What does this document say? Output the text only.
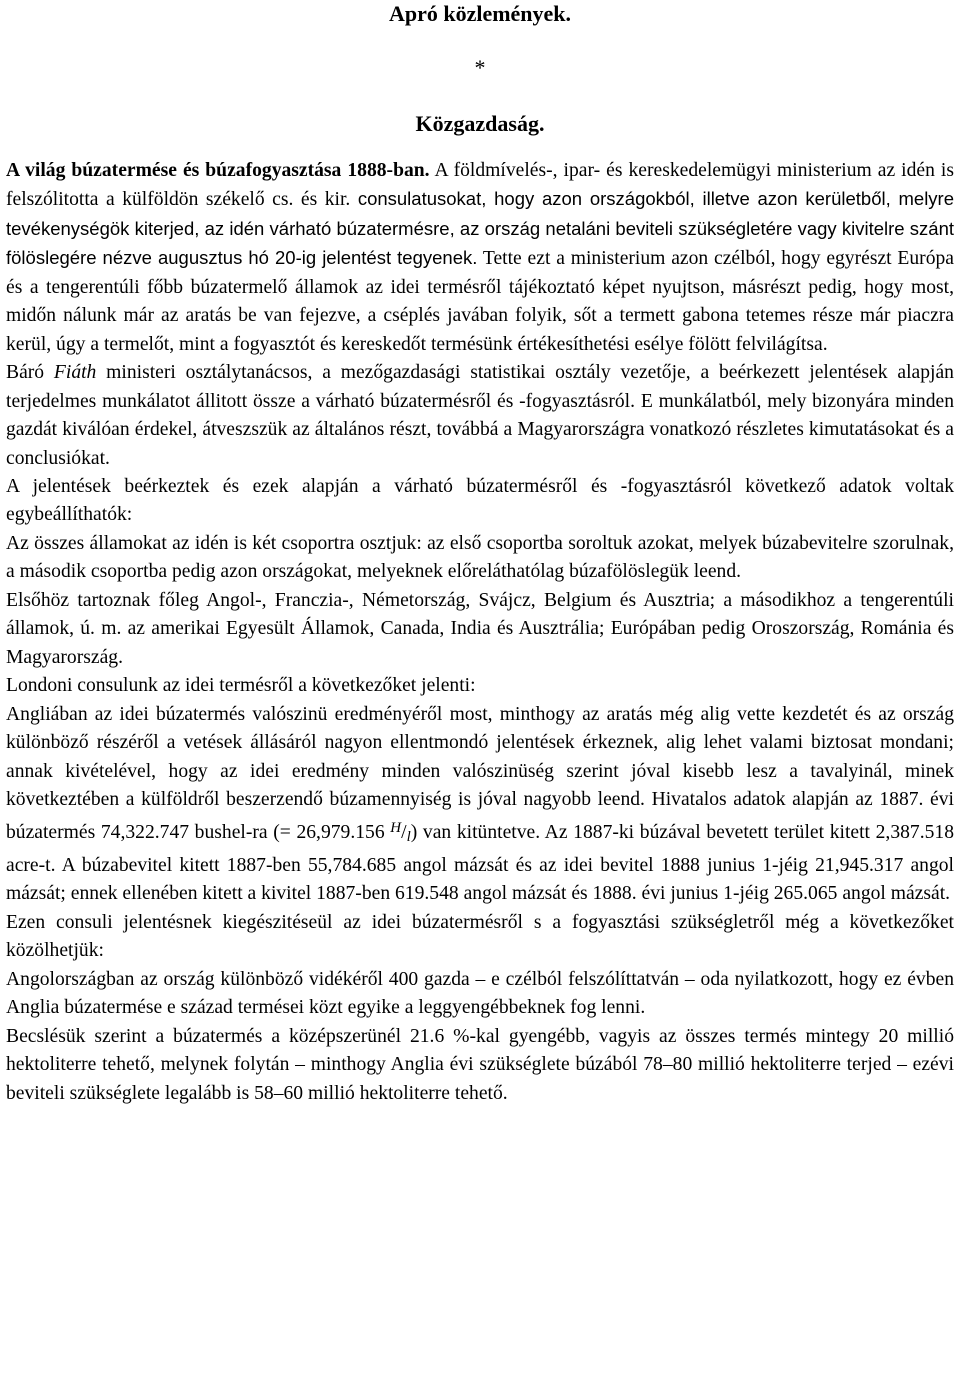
Apró közlemények.
*
Közgazdaság.

A világ búzatermése és búzafogyasztása 1888-ban. A földmívelés-, ipar- és kereskedelemügyi ministerium az idén is felszólitotta a külföldön székelő cs. és kir. consulatusokat, hogy azon országokból, illetve azon kerületből, melyre tevékenységök kiterjed, az idén várható búzatermésre, az ország netaláni beviteli szükségletére vagy kivitelre szánt fölöslegére nézve augusztus hó 20-ig jelentést tegyenek. Tette ezt a ministerium azon czélból, hogy egyrészt Európa és a tengerentúli főbb búzatermelő államok az idei termésről tájékoztató képet nyujtson, másrészt pedig, hogy most, midőn nálunk már az aratás be van fejezve, a cséplés javában folyik, sőt a termett gabona tetemes része már piaczra kerül, úgy a termelőt, mint a fogyasztót és kereskedőt termésünk értékesíthetési esélye fölött felvilágítsa.

Báró Fiáth ministeri osztálytanácsos, a mezőgazdasági statistikai osztály vezetője, a beérkezett jelentések alapján terjedelmes munkálatot állitott össze a várható búzatermésről és -fogyasztásról. E munkálatból, mely bizonyára minden gazdát kiválóan érdekel, átveszszük az általános részt, továbbá a Magyarországra vonatkozó részletes kimutatásokat és a conclusiókat.

A jelentések beérkeztek és ezek alapján a várható búzatermésről és -fogyasztásról következő adatok voltak egybeállíthatók:

Az összes államokat az idén is két csoportra osztjuk: az első csoportba soroltuk azokat, melyek búzabevitelre szorulnak, a második csoportba pedig azon országokat, melyeknek előreláthatólag búzafölöslegük leend.

Elsőhöz tartoznak főleg Angol-, Franczia-, Németország, Svájcz, Belgium és Ausztria; a másodikhoz a tengerentúli államok, ú. m. az amerikai Egyesült Államok, Canada, India és Ausztrália; Európában pedig Oroszország, Románia és Magyarország.

Londoni consulunk az idei termésről a következőket jelenti:

Angliában az idei búzatermés valószinü eredményéről most, minthogy az aratás még alig vette kezdetét és az ország különböző részéről a vetések állásáról nagyon ellentmondó jelentések érkeznek, alig lehet valami biztosat mondani; annak kivételével, hogy az idei eredmény minden valószinüség szerint jóval kisebb lesz a tavalyinál, minek következtében a külföldről beszerzendő búzamennyiség is jóval nagyobb leend. Hivatalos adatok alapján az 1887. évi búzatermés 74,322.747 bushel-ra (= 26,979.156 $^H$/l) van kitüntetve. Az 1887-ki búzával bevetett terület kitett 2,387.518 acre-t. A búzabevitel kitett 1887-ben 55,784.685 angol mázsát és az idei bevitel 1888 junius 1-jéig 21,945.317 angol mázsát; ennek ellenében kitett a kivitel 1887-ben 619.548 angol mázsát és 1888. évi junius 1-jéig 265.065 angol mázsát.

Ezen consuli jelentésnek kiegészitéseül az idei búzatermésről s a fogyasztási szükségletről még a következőket közölhetjük:

Angolországban az ország különböző vidékéről 400 gazda – e czélból felszólíttatván – oda nyilatkozott, hogy ez évben Anglia búzatermése e század termései közt egyike a leggyengébbeknek fog lenni.

Becslésük szerint a búzatermés a középszerünél 21.6 %-kal gyengébb, vagyis az összes termés mintegy 20 millió hektoliterre tehető, melynek folytán – minthogy Anglia évi szükséglete búzából 78–80 millió hektoliterre terjed – ezévi beviteli szükséglete legalább is 58–60 millió hektoliterre tehető.
